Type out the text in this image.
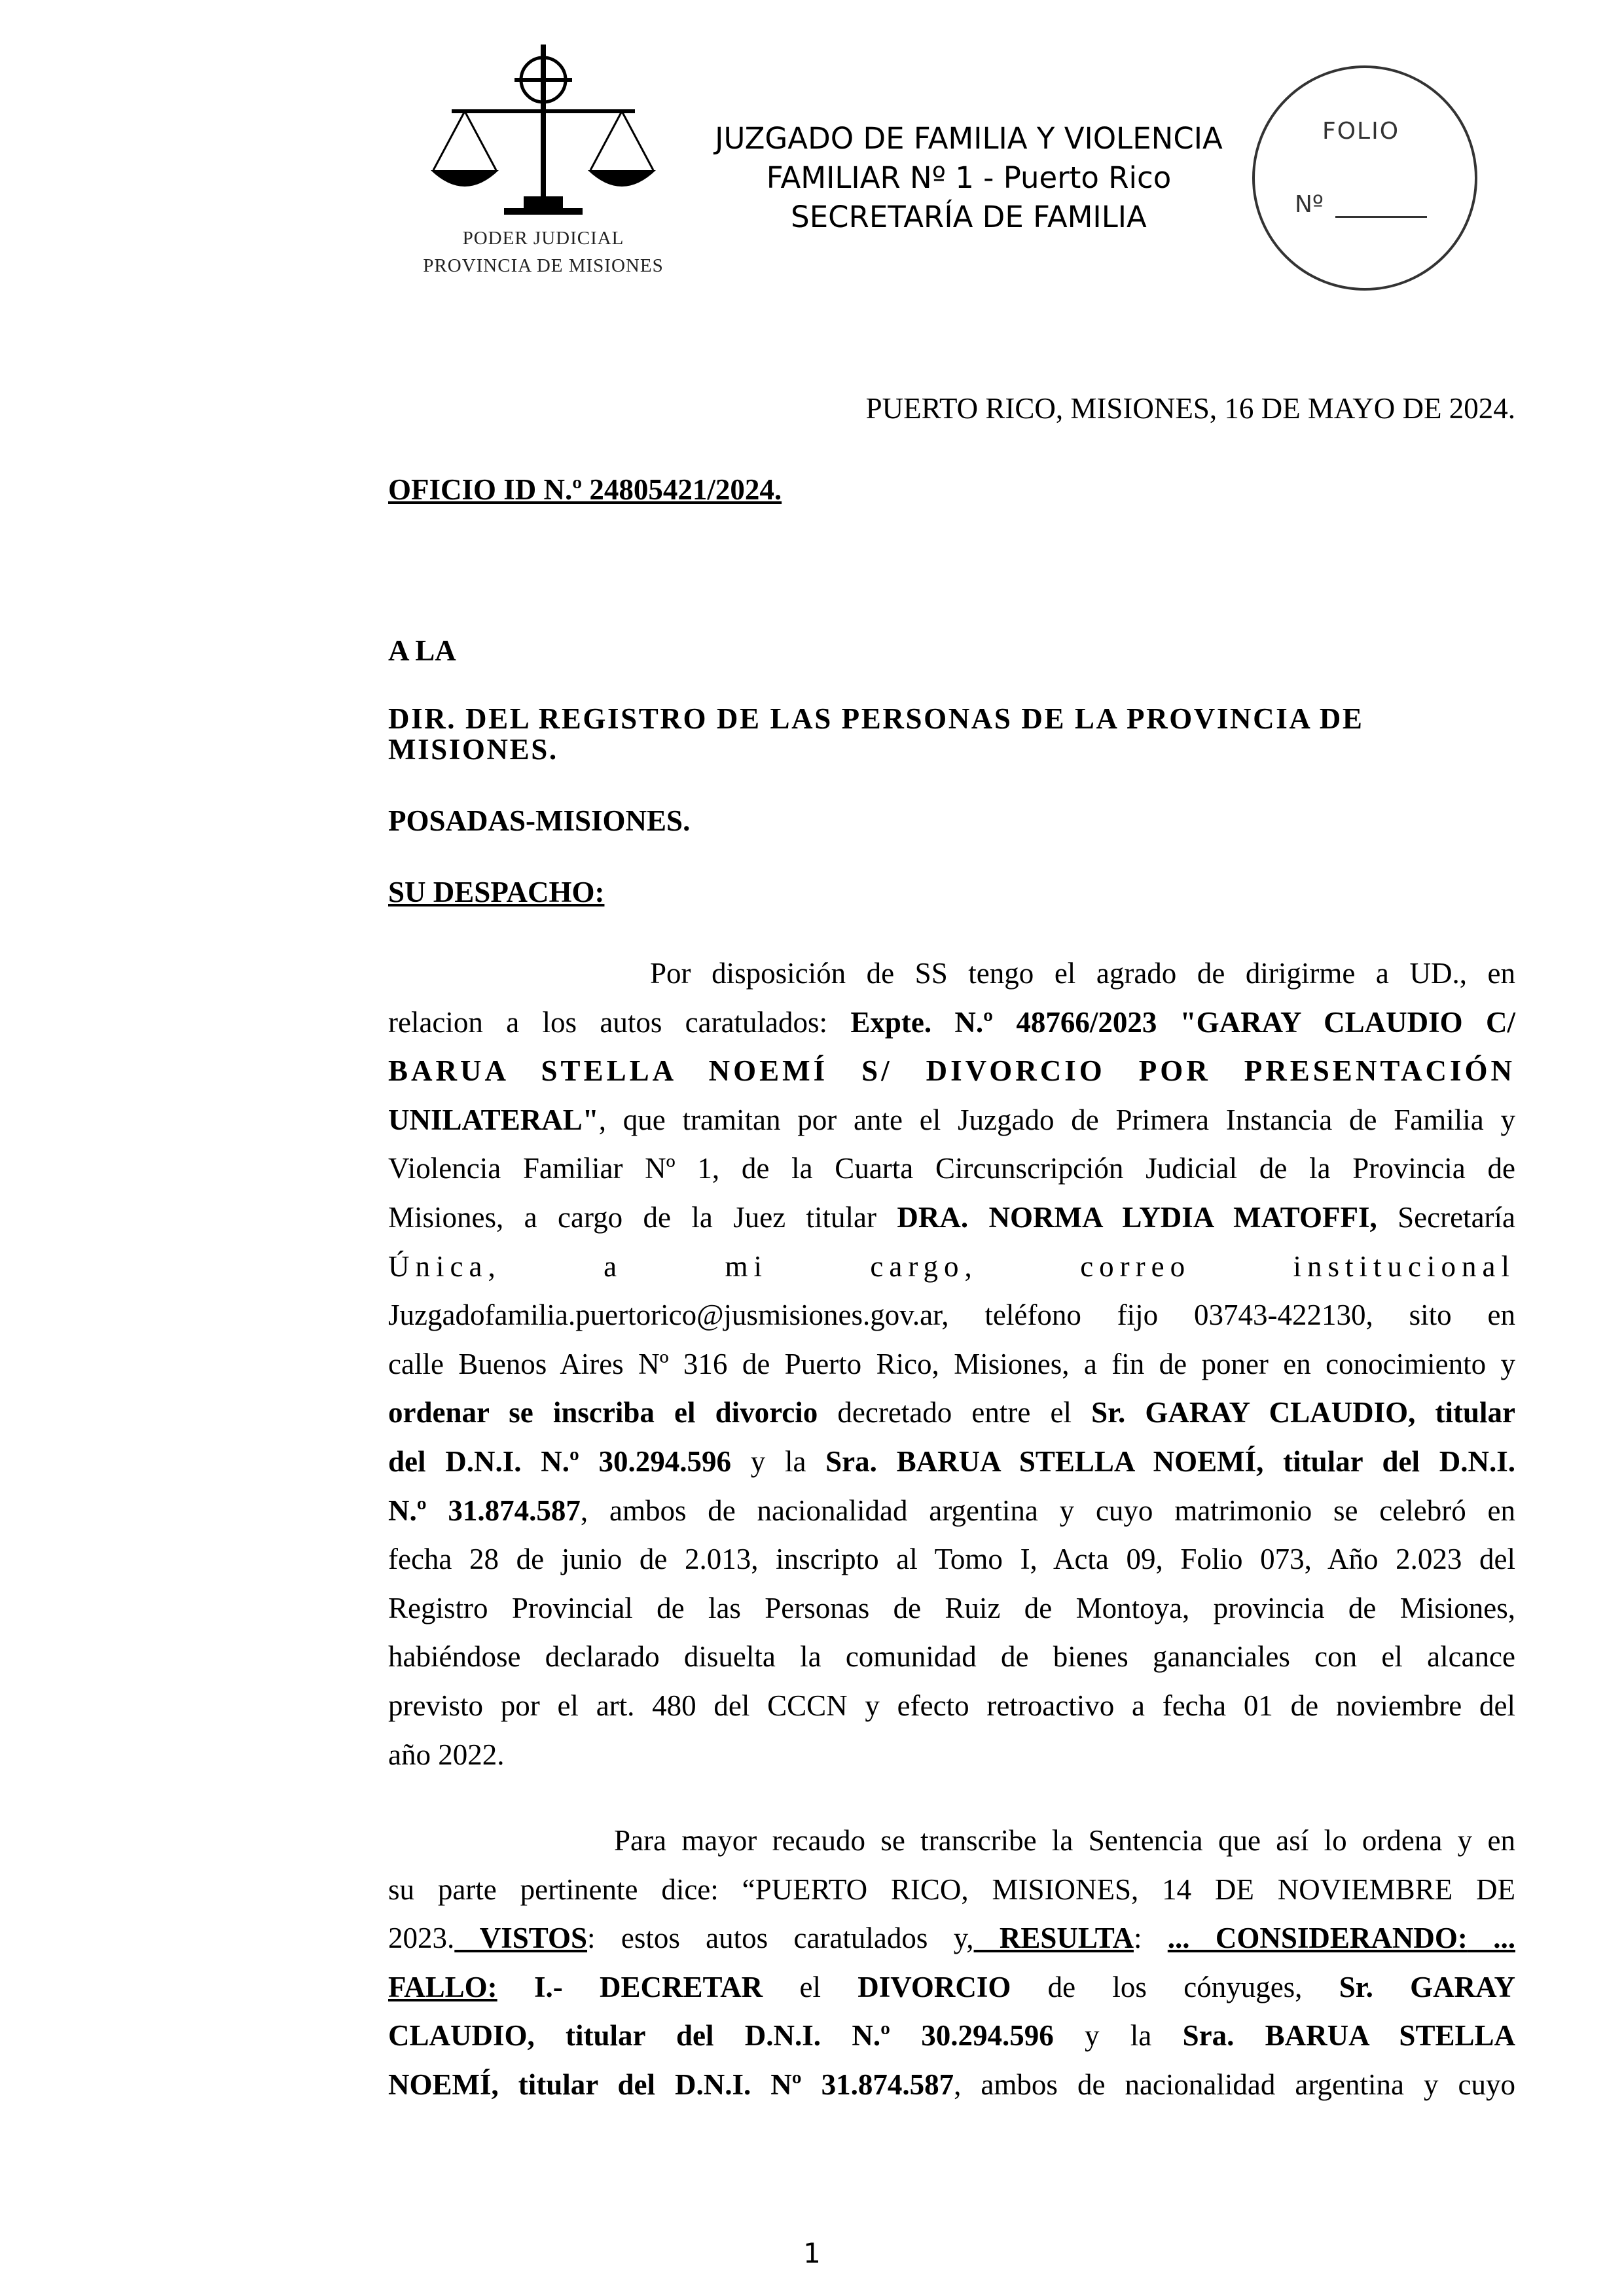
PODER JUDICIAL
PROVINCIA DE MISIONES
JUZGADO DE FAMILIA Y VIOLENCIA
FAMILIAR Nº 1 - Puerto Rico
SECRETARÍA DE FAMILIA
FOLIO
Nº
PUERTO RICO, MISIONES, 16 DE MAYO DE 2024.
OFICIO ID N.º 24805421/2024.
A LA
DIR. DEL REGISTRO DE LAS PERSONAS DE LA PROVINCIA DE MISIONES.
POSADAS-MISIONES.
SU DESPACHO:
Por disposición de SS tengo el agrado de dirigirme a UD., en
relacion a los autos caratulados: Expte. N.º 48766/2023 "GARAY CLAUDIO C/
BARUA STELLA NOEMÍ S/ DIVORCIO POR PRESENTACIÓN
UNILATERAL", que tramitan por ante el Juzgado de Primera Instancia de Familia y
Violencia Familiar Nº 1, de la Cuarta Circunscripción Judicial de la Provincia de
Misiones, a cargo de la Juez titular DRA. NORMA LYDIA MATOFFI, Secretaría
Única, a mi cargo, correo institucional
Juzgadofamilia.puertorico@jusmisiones.gov.ar, teléfono fijo 03743-422130, sito en
calle Buenos Aires Nº 316 de Puerto Rico, Misiones, a fin de poner en conocimiento y
ordenar se inscriba el divorcio decretado entre el Sr. GARAY CLAUDIO, titular
del D.N.I. N.º 30.294.596 y la Sra. BARUA STELLA NOEMÍ, titular del D.N.I.
N.º 31.874.587, ambos de nacionalidad argentina y cuyo matrimonio se celebró en
fecha 28 de junio de 2.013, inscripto al Tomo I, Acta 09, Folio 073, Año 2.023 del
Registro Provincial de las Personas de Ruiz de Montoya, provincia de Misiones,
habiéndose declarado disuelta la comunidad de bienes gananciales con el alcance
previsto por el art. 480 del CCCN y efecto retroactivo a fecha 01 de noviembre del
año 2022.
Para mayor recaudo se transcribe la Sentencia que así lo ordena y en
su parte pertinente dice: “PUERTO RICO, MISIONES, 14 DE NOVIEMBRE DE
2023. VISTOS: estos autos caratulados y, RESULTA: ... CONSIDERANDO: ...
FALLO: I.- DECRETAR el DIVORCIO de los cónyuges, Sr. GARAY
CLAUDIO, titular del D.N.I. N.º 30.294.596 y la Sra. BARUA STELLA
NOEMÍ, titular del D.N.I. Nº 31.874.587, ambos de nacionalidad argentina y cuyo
1
